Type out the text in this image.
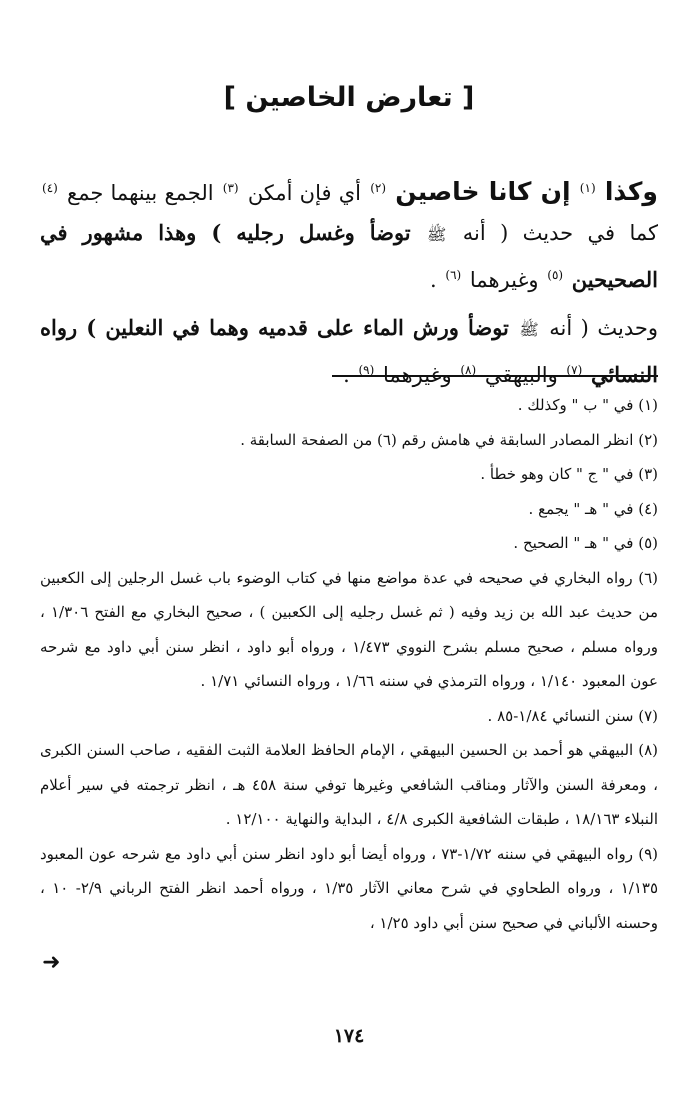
[ تعارض الخاصين ]

وكذا $^{(١)}$ إن كانا خاصين $^{(٢)}$ أي فإن أمكن $^{(٣)}$ الجمع بينهما جمع $^{(٤)}$ كما في حديث ( أنه ﷺ توضأ وغسل رجليه ) وهذا مشهور في الصحيحين $^{(٥)}$ وغيرهما $^{(٦)}$ .

وحديث ( أنه ﷺ توضأ ورش الماء على قدميه وهما في النعلين ) رواه النسائي $^{(٧)}$ والبيهقي $^{(٨)}$ وغيرهما $^{(٩)}$ .

(١) في " ب " وكذلك .

(٢) انظر المصادر السابقة في هامش رقم (٦) من الصفحة السابقة .

(٣) في " ج " كان وهو خطأ .

(٤) في " هـ " يجمع .

(٥) في " هـ " الصحيح .

(٦) رواه البخاري في صحيحه في عدة مواضع منها في كتاب الوضوء باب غسل الرجلين إلى الكعبين من حديث عبد الله بن زيد وفيه ( ثم غسل رجليه إلى الكعبين ) ، صحيح البخاري مع الفتح ١/٣٠٦ ، ورواه مسلم ، صحيح مسلم بشرح النووي ١/٤٧٣ ، ورواه أبو داود ، انظر سنن أبي داود مع شرحه عون المعبود ١/١٤٠ ، ورواه الترمذي في سننه ١/٦٦ ، ورواه النسائي ١/٧١ .

(٧) سنن النسائي ١/٨٤-٨٥ .

(٨) البيهقي هو أحمد بن الحسين البيهقي ، الإمام الحافظ العلامة الثبت الفقيه ، صاحب السنن الكبرى ، ومعرفة السنن والآثار ومناقب الشافعي وغيرها توفي سنة ٤٥٨ هـ ، انظر ترجمته في سير أعلام النبلاء ١٨/١٦٣ ، طبقات الشافعية الكبرى ٤/٨ ، البداية والنهاية ١٢/١٠٠ .

(٩) رواه البيهقي في سننه ١/٧٢-٧٣ ، ورواه أيضا أبو داود انظر سنن أبي داود مع شرحه عون المعبود ١/١٣٥ ، ورواه الطحاوي في شرح معاني الآثار ١/٣٥ ، ورواه أحمد انظر الفتح الرباني ٢/٩- ١٠ ، وحسنه الألباني في صحيح سنن أبي داود ١/٢٥ ،

➜
١٧٤
